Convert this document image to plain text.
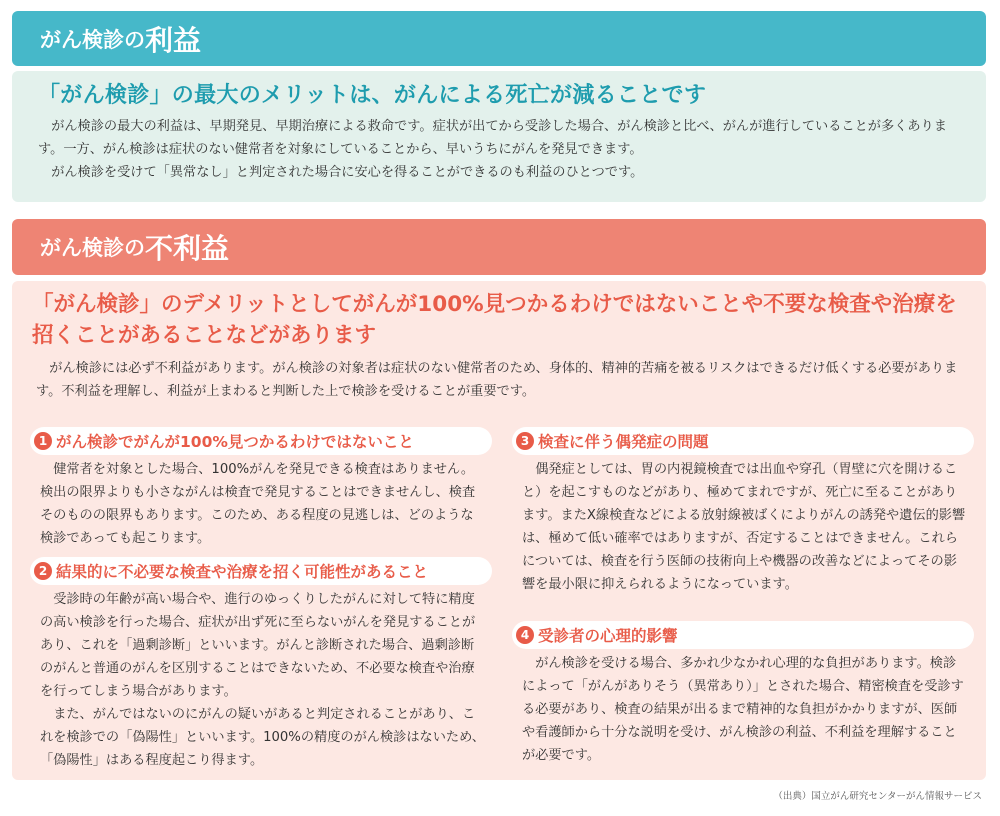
がん検診の 利益
「がん検診」の最大のメリットは、がんによる死亡が減ることです

がん検診の最大の利益は、早期発見、早期治療による救命です。症状が出てから受診した場合、がん検診と比べ、がんが進行していることが多くあります。一方、がん検診は症状のない健常者を対象にしていることから、早いうちにがんを発見できます。

がん検診を受けて「異常なし」と判定された場合に安心を得ることができるのも利益のひとつです。

がん検診の 不利益
「がん検診」のデメリットとしてがんが100%見つかるわけではないことや不要な検査や治療を招くことがあることなどがあります

がん検診には必ず不利益があります。がん検診の対象者は症状のない健常者のため、身体的、精神的苦痛を被るリスクはできるだけ低くする必要があります。不利益を理解し、利益が上まわると判断した上で検診を受けることが重要です。

1 がん検診でがんが100%見つかるわけではないこと

健常者を対象とした場合、100%がんを発見できる検査はありません。検出の限界よりも小さながんは検査で発見することはできませんし、検査そのものの限界もあります。このため、ある程度の見逃しは、どのような検診であっても起こります。

2 結果的に不必要な検査や治療を招く可能性があること

受診時の年齢が高い場合や、進行のゆっくりしたがんに対して特に精度の高い検診を行った場合、症状が出ず死に至らないがんを発見することがあり、これを「過剰診断」といいます。がんと診断された場合、過剰診断のがんと普通のがんを区別することはできないため、不必要な検査や治療を行ってしまう場合があります。

また、がんではないのにがんの疑いがあると判定されることがあり、これを検診での「偽陽性」といいます。100%の精度のがん検診はないため、「偽陽性」はある程度起こり得ます。

3 検査に伴う偶発症の問題

偶発症としては、胃の内視鏡検査では出血や穿孔（胃壁に穴を開けること）を起こすものなどがあり、極めてまれですが、死亡に至ることがあります。またX線検査などによる放射線被ばくによりがんの誘発や遺伝的影響は、極めて低い確率ではありますが、否定することはできません。これらについては、検査を行う医師の技術向上や機器の改善などによってその影響を最小限に抑えられるようになっています。

4 受診者の心理的影響

がん検診を受ける場合、多かれ少なかれ心理的な負担があります。検診によって「がんがありそう（異常あり）」とされた場合、精密検査を受診する必要があり、検査の結果が出るまで精神的な負担がかかりますが、医師や看護師から十分な説明を受け、がん検診の利益、不利益を理解することが必要です。

（出典）国立がん研究センターがん情報サービス
